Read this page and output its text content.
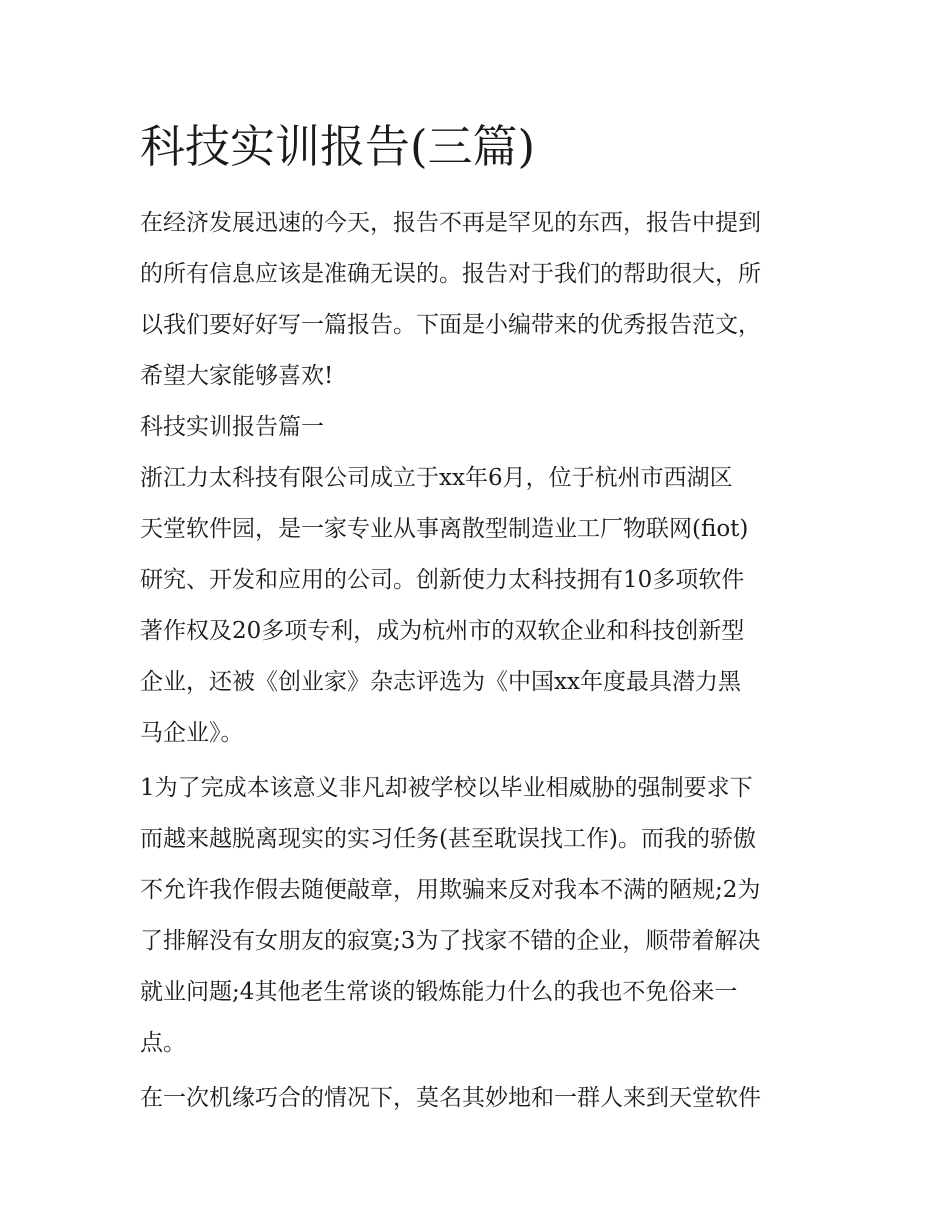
科技实训报告(三篇)
在经济发展迅速的今天，报告不再是罕见的东西，报告中提到
的所有信息应该是准确无误的。报告对于我们的帮助很大，所
以我们要好好写一篇报告。下面是小编带来的优秀报告范文，
希望大家能够喜欢!
科技实训报告篇一
浙江力太科技有限公司成立于xx年6月，位于杭州市西湖区
天堂软件园，是一家专业从事离散型制造业工厂物联网(fiot)
研究、开发和应用的公司。创新使力太科技拥有10多项软件
著作权及20多项专利，成为杭州市的双软企业和科技创新型
企业，还被《创业家》杂志评选为《中国xx年度最具潜力黑
马企业》。
1为了完成本该意义非凡却被学校以毕业相威胁的强制要求下
而越来越脱离现实的实习任务(甚至耽误找工作)。而我的骄傲
不允许我作假去随便敲章，用欺骗来反对我本不满的陋规;2为
了排解没有女朋友的寂寞;3为了找家不错的企业，顺带着解决
就业问题;4其他老生常谈的锻炼能力什么的我也不免俗来一
点。
在一次机缘巧合的情况下，莫名其妙地和一群人来到天堂软件
